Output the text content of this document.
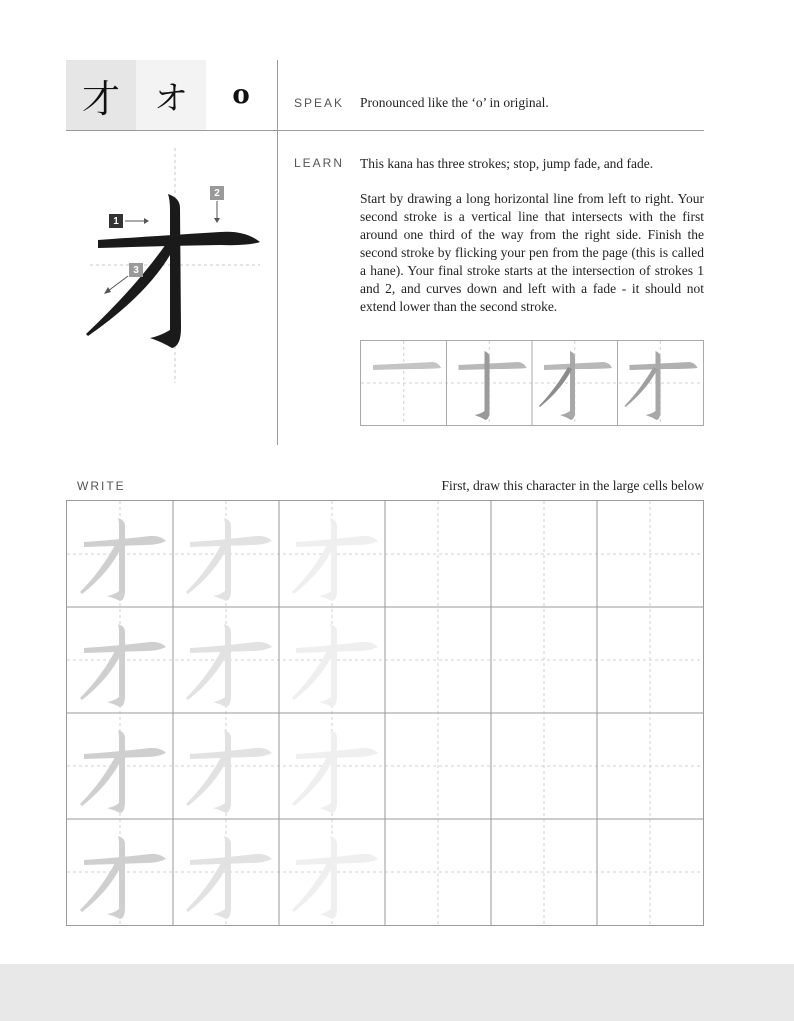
才 オ o	SPEAK Pronounced like the ‘o’ in original.
LEARN This kana has three strokes; stop, jump fade, and fade.
Start by drawing a long horizontal line from left to right. Your second stroke is a vertical line that intersects with the first around one third of the way from the right side. Finish the second stroke by flicking your pen from the page (this is called a hane). Your final stroke starts at the intersection of strokes 1 and 2, and curves down and left with a fade - it should not extend lower than the second stroke.
1
2
3
WRITE	First, draw this character in the large cells below
